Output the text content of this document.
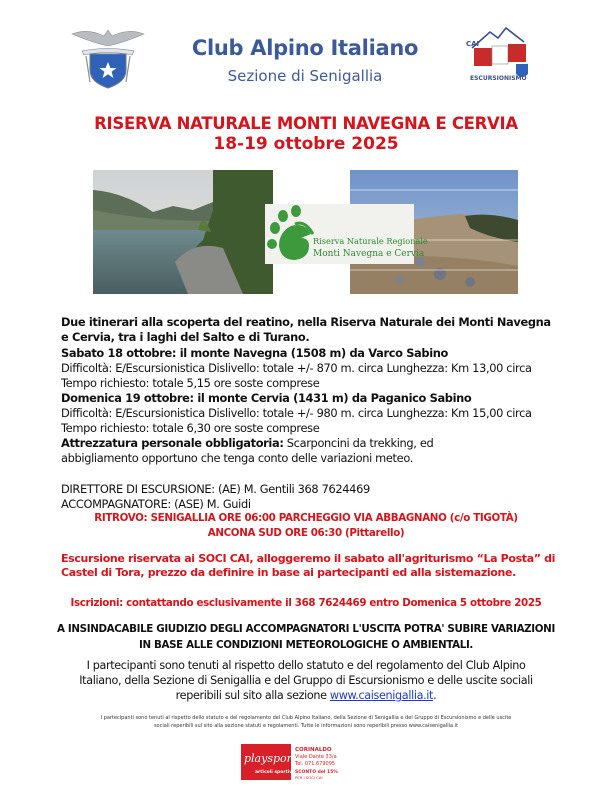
Club Alpino Italiano
Sezione di Senigallia
CAI
ESCURSIONISMO
RISERVA NATURALE MONTI NAVEGNA E CERVIA
18-19 ottobre 2025
Riserva Naturale Regionale
Monti Navegna e Cervia
Due itinerari alla scoperta del reatino, nella Riserva Naturale dei Monti Navegna e Cervia, tra i laghi del Salto e di Turano.
Sabato 18 ottobre: il monte Navegna (1508 m) da Varco Sabino
Difficoltà: E/Escursionistica Dislivello: totale +/- 870 m. circa Lunghezza: Km 13,00 circa
Tempo richiesto: totale 5,15 ore soste comprese
Domenica 19 ottobre: il monte Cervia (1431 m) da Paganico Sabino
Difficoltà: E/Escursionistica Dislivello: totale +/- 980 m. circa Lunghezza: Km 15,00 circa
Tempo richiesto: totale 6,30 ore soste comprese
Attrezzatura personale obbligatoria: Scarponcini da trekking, ed abbigliamento opportuno che tenga conto delle variazioni meteo.
DIRETTORE DI ESCURSIONE: (AE) M. Gentili 368 7624469
ACCOMPAGNATORE: (ASE) M. Guidi
RITROVO: SENIGALLIA ORE 06:00 PARCHEGGIO VIA ABBAGNANO (c/o TIGOTÀ)
ANCONA SUD ORE 06:30 (Pittarello)
Escursione riservata ai SOCI CAI, alloggeremo il sabato all'agriturismo “La Posta” di Castel di Tora, prezzo da definire in base ai partecipanti ed alla sistemazione.
Iscrizioni: contattando esclusivamente il 368 7624469 entro Domenica 5 ottobre 2025
A INSINDACABILE GIUDIZIO DEGLI ACCOMPAGNATORI L'USCITA POTRA' SUBIRE VARIAZIONI
IN BASE ALLE CONDIZIONI METEOROLOGICHE O AMBIENTALI.
I partecipanti sono tenuti al rispetto dello statuto e del regolamento del Club Alpino Italiano, della Sezione di Senigallia e del Gruppo di Escursionismo e delle uscite sociali reperibili sul sito alla sezione www.caisenigallia.it.
I partecipanti sono tenuti al rispetto dello statuto e del regolamento del Club Alpino Italiano, della Sezione di Senigallia e del Gruppo di Escursionismo e delle uscite
sociali reperibili sul sito alla sezione statuti e regolamenti. Tutte le informazioni sono reperibili presso www.caisenigallia.it
playsport
articoli sportivi
CORINALDO
Viale Dante 33/a
Tel. 071.679095
SCONTO del 15%
PER I SOCI CAI
